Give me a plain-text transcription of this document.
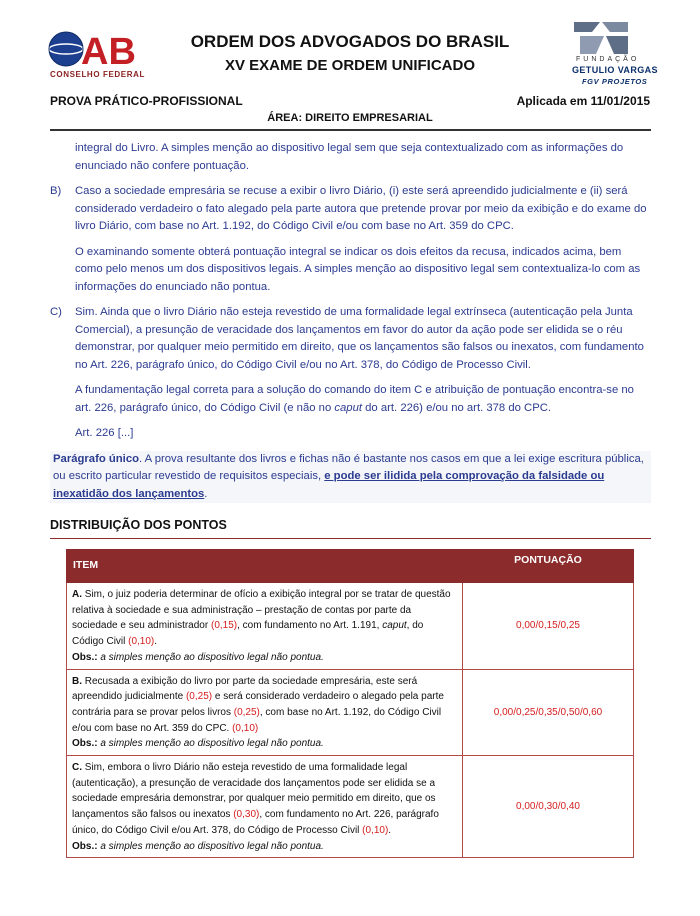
AB
CONSELHO FEDERAL
ORDEM DOS ADVOGADOS DO BRASIL
XV EXAME DE ORDEM UNIFICADO	FUNDAÇÃO
GETULIO VARGAS
FGV PROJETOS
PROVA PRÁTICO-PROFISSIONAL	Aplicada em 11/01/2015
ÁREA: DIREITO EMPRESARIAL

integral do Livro. A simples menção ao dispositivo legal sem que seja contextualizado com as informações do enunciado não confere pontuação.

B) Caso a sociedade empresária se recuse a exibir o livro Diário, (i) este será apreendido judicialmente e (ii) será considerado verdadeiro o fato alegado pela parte autora que pretende provar por meio da exibição e do exame do livro Diário, com base no Art. 1.192, do Código Civil e/ou com base no Art. 359 do CPC.

O examinando somente obterá pontuação integral se indicar os dois efeitos da recusa, indicados acima, bem como pelo menos um dos dispositivos legais. A simples menção ao dispositivo legal sem contextualiza-lo com as informações do enunciado não pontua.

C) Sim. Ainda que o livro Diário não esteja revestido de uma formalidade legal extrínseca (autenticação pela Junta Comercial), a presunção de veracidade dos lançamentos em favor do autor da ação pode ser elidida se o réu demonstrar, por qualquer meio permitido em direito, que os lançamentos são falsos ou inexatos, com fundamento no Art. 226, parágrafo único, do Código Civil e/ou no Art. 378, do Código de Processo Civil.

A fundamentação legal correta para a solução do comando do item C e atribuição de pontuação encontra-se no art. 226, parágrafo único, do Código Civil (e não no caput do art. 226) e/ou no art. 378 do CPC.

Art. 226 [...]

Parágrafo único. A prova resultante dos livros e fichas não é bastante nos casos em que a lei exige escritura pública, ou escrito particular revestido de requisitos especiais, e pode ser ilidida pela comprovação da falsidade ou inexatidão dos lançamentos.

DISTRIBUIÇÃO DOS PONTOS
ITEM	PONTUAÇÃO
A. Sim, o juiz poderia determinar de ofício a exibição integral por se tratar de questão relativa à sociedade e sua administração – prestação de contas por parte da sociedade e seu administrador (0,15), com fundamento no Art. 1.191, caput, do Código Civil (0,10).
Obs.: a simples menção ao dispositivo legal não pontua.	0,00/0,15/0,25
B. Recusada a exibição do livro por parte da sociedade empresária, este será apreendido judicialmente (0,25) e será considerado verdadeiro o alegado pela parte contrária para se provar pelos livros (0,25), com base no Art. 1.192, do Código Civil e/ou com base no Art. 359 do CPC. (0,10)
Obs.: a simples menção ao dispositivo legal não pontua.	0,00/0,25/0,35/0,50/0,60
C. Sim, embora o livro Diário não esteja revestido de uma formalidade legal (autenticação), a presunção de veracidade dos lançamentos pode ser elidida se a sociedade empresária demonstrar, por qualquer meio permitido em direito, que os lançamentos são falsos ou inexatos (0,30), com fundamento no Art. 226, parágrafo único, do Código Civil e/ou Art. 378, do Código de Processo Civil (0,10).
Obs.: a simples menção ao dispositivo legal não pontua.	0,00/0,30/0,40
